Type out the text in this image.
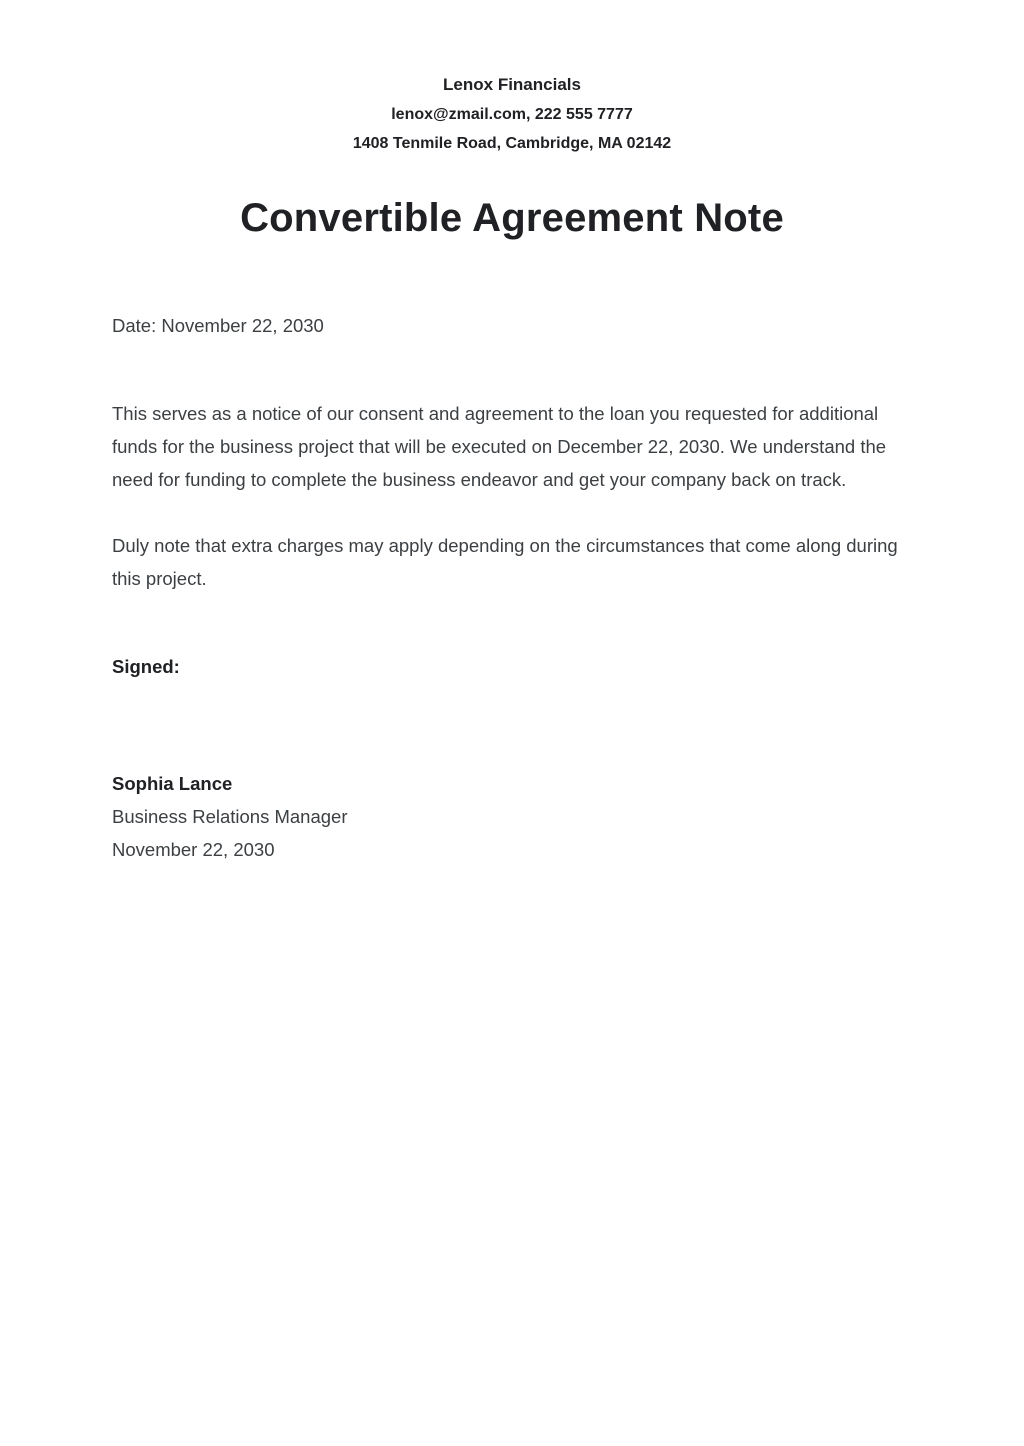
Lenox Financials
lenox@zmail.com, 222 555 7777
1408 Tenmile Road, Cambridge, MA 02142
Convertible Agreement Note
Date: November 22, 2030

This serves as a notice of our consent and agreement to the loan you requested for additional funds for the business project that will be executed on December 22, 2030. We understand the need for funding to complete the business endeavor and get your company back on track.

Duly note that extra charges may apply depending on the circumstances that come along during this project.

Signed:
Sophia Lance
Business Relations Manager
November 22, 2030
